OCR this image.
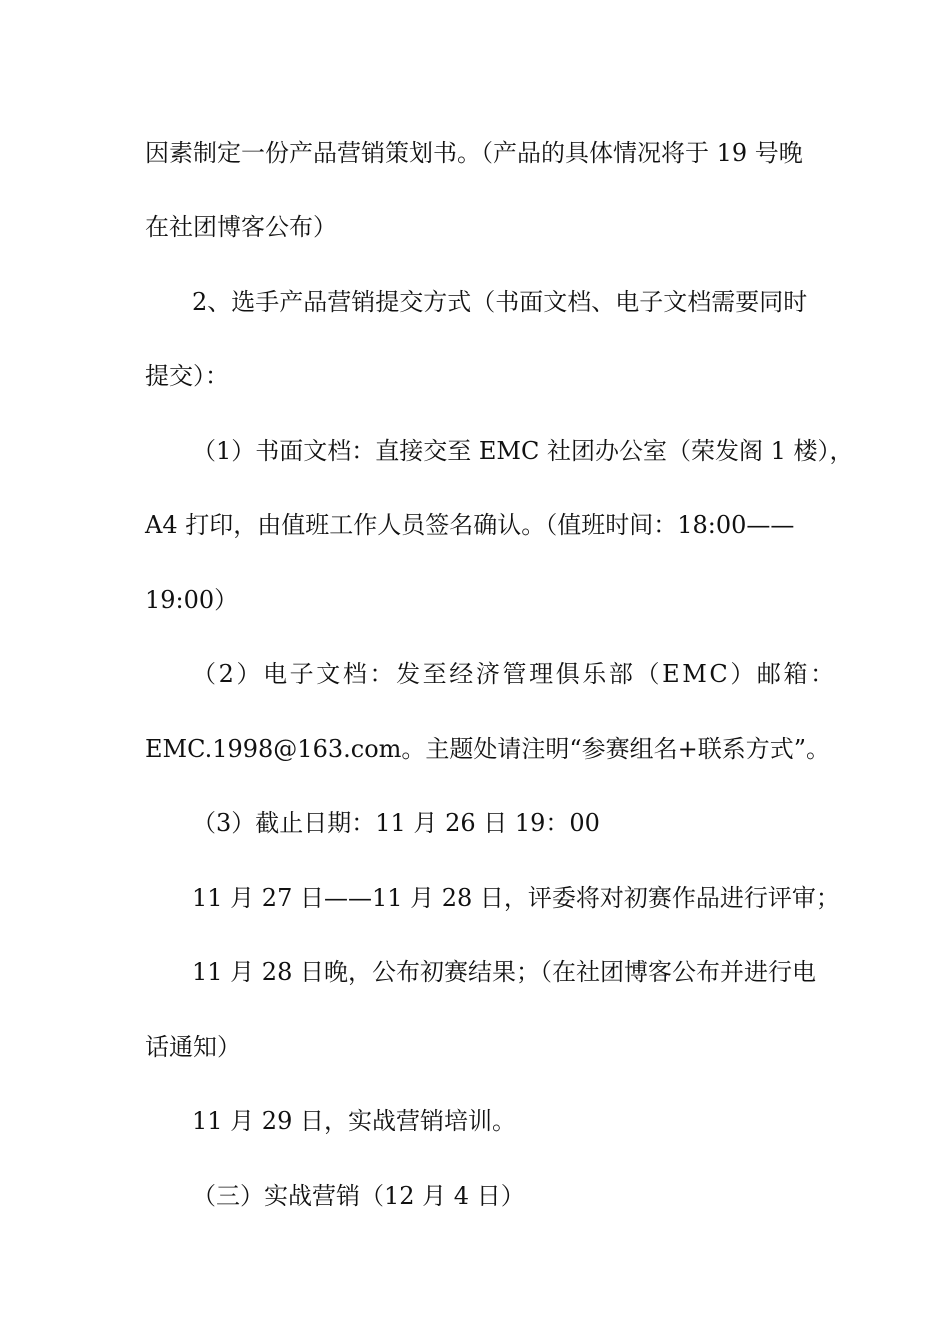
因素制定一份产品营销策划书。（产品的具体情况将于 19 号晚
在社团博客公布）
2、选手产品营销提交方式（书面文档、电子文档需要同时
提交）：
（1）书面文档：直接交至 EMC 社团办公室（荣发阁 1 楼），
A4 打印，由值班工作人员签名确认。（值班时间：18:00——
19:00）
（2）电子文档：发至经济管理俱乐部（EMC）邮箱：
EMC.1998@163.com。主题处请注明“参赛组名+联系方式”。
（3）截止日期：11 月 26 日 19：00
11 月 27 日——11 月 28 日，评委将对初赛作品进行评审；
11 月 28 日晚，公布初赛结果；（在社团博客公布并进行电
话通知）
11 月 29 日，实战营销培训。
（三）实战营销（12 月 4 日）
